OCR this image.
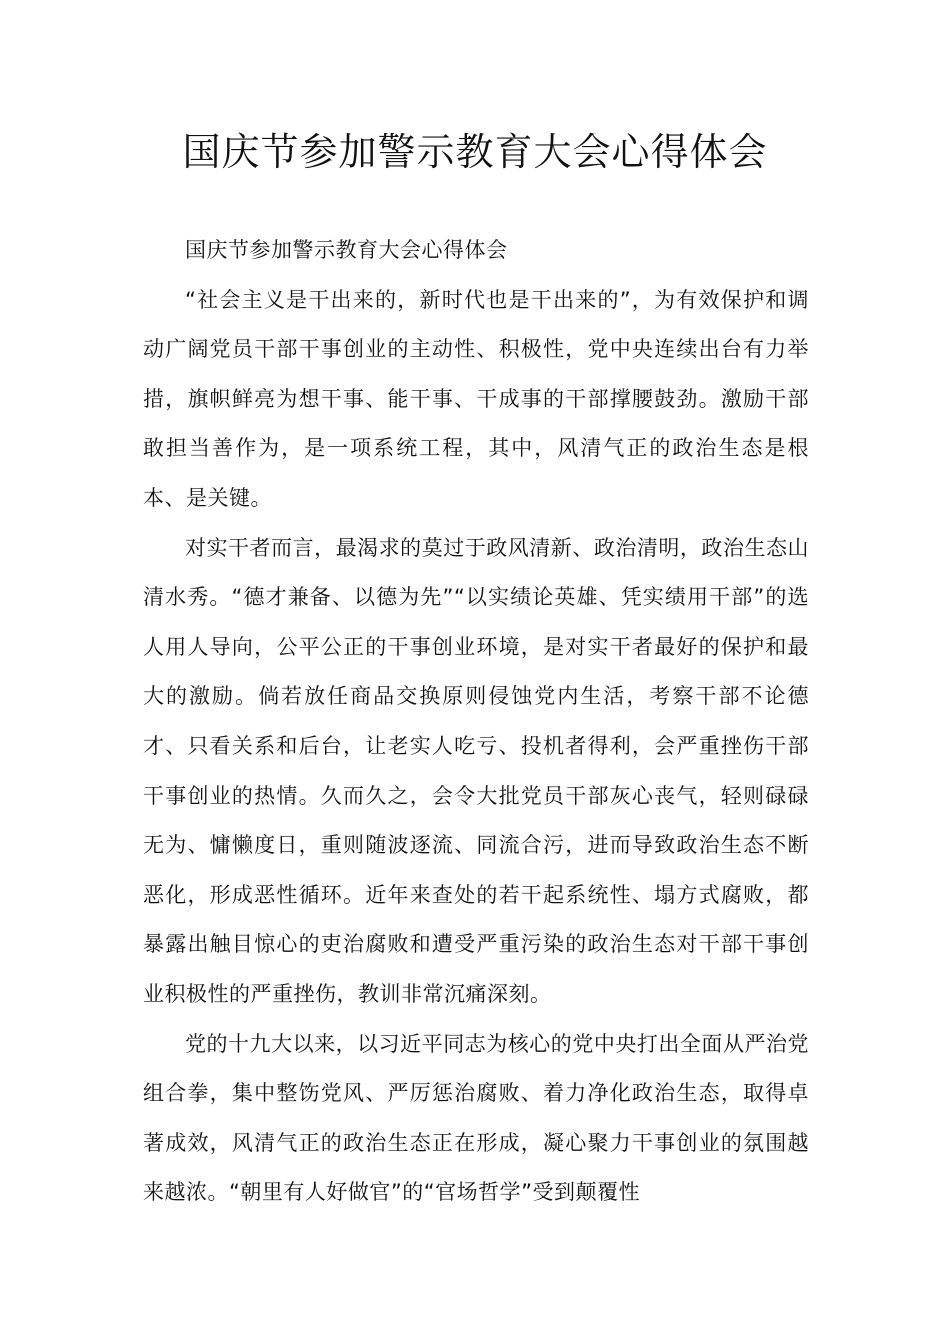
国庆节参加警示教育大会心得体会

国庆节参加警示教育大会心得体会

“社会主义是干出来的，新时代也是干出来的”，为有效保护和调动广阔党员干部干事创业的主动性、积极性，党中央连续出台有力举措，旗帜鲜亮为想干事、能干事、干成事的干部撑腰鼓劲。激励干部敢担当善作为，是一项系统工程，其中，风清气正的政治生态是根本、是关键。

对实干者而言，最渴求的莫过于政风清新、政治清明，政治生态山清水秀。“德才兼备、以德为先”“以实绩论英雄、凭实绩用干部”的选人用人导向，公平公正的干事创业环境，是对实干者最好的保护和最大的激励。倘若放任商品交换原则侵蚀党内生活，考察干部不论德才、只看关系和后台，让老实人吃亏、投机者得利，会严重挫伤干部干事创业的热情。久而久之，会令大批党员干部灰心丧气，轻则碌碌无为、慵懒度日，重则随波逐流、同流合污，进而导致政治生态不断恶化，形成恶性循环。近年来查处的若干起系统性、塌方式腐败，都暴露出触目惊心的吏治腐败和遭受严重污染的政治生态对干部干事创业积极性的严重挫伤，教训非常沉痛深刻。

党的十九大以来，以习近平同志为核心的党中央打出全面从严治党组合拳，集中整饬党风、严厉惩治腐败、着力净化政治生态，取得卓著成效，风清气正的政治生态正在形成，凝心聚力干事创业的氛围越来越浓。“朝里有人好做官”的“官场哲学”受到颠覆性
